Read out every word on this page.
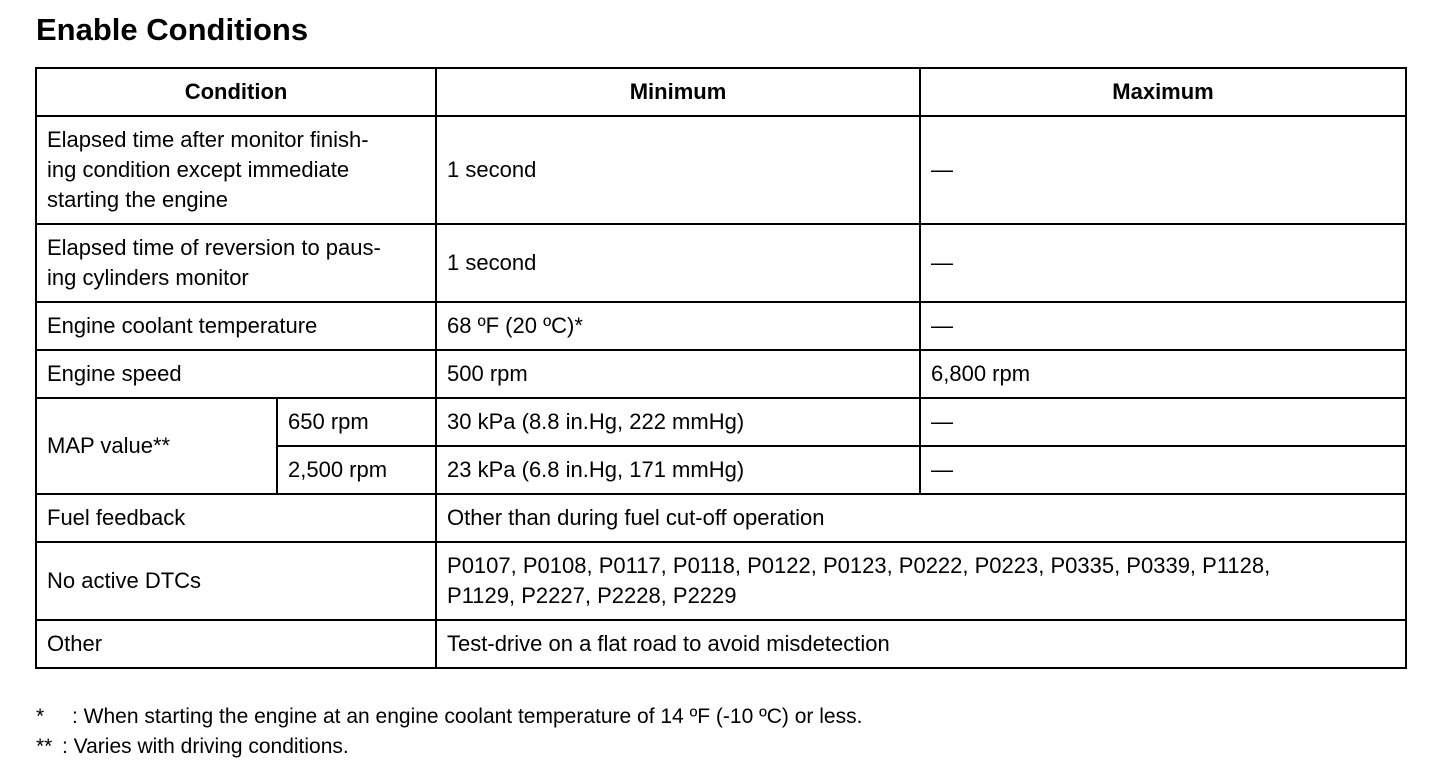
Enable Conditions
Condition		Minimum	Maximum
Elapsed time after monitor finish-
ing condition except immediate
starting the engine		1 second	—
Elapsed time of reversion to paus-
ing cylinders monitor		1 second	—
Engine coolant temperature		68 ºF (20 ºC)*	—
Engine speed		500 rpm	6,800 rpm
MAP value**	650 rpm	30 kPa (8.8 in.Hg, 222 mmHg)	—
	2,500 rpm	23 kPa (6.8 in.Hg, 171 mmHg)	—
Fuel feedback		Other than during fuel cut-off operation	
No active DTCs		P0107, P0108, P0117, P0118, P0122, P0123, P0222, P0223, P0335, P0339, P1128,
P1129, P2227, P2228, P2229	
Other		Test-drive on a flat road to avoid misdetection	
* : When starting the engine at an engine coolant temperature of 14 ºF (-10 ºC) or less.
** : Varies with driving conditions.
